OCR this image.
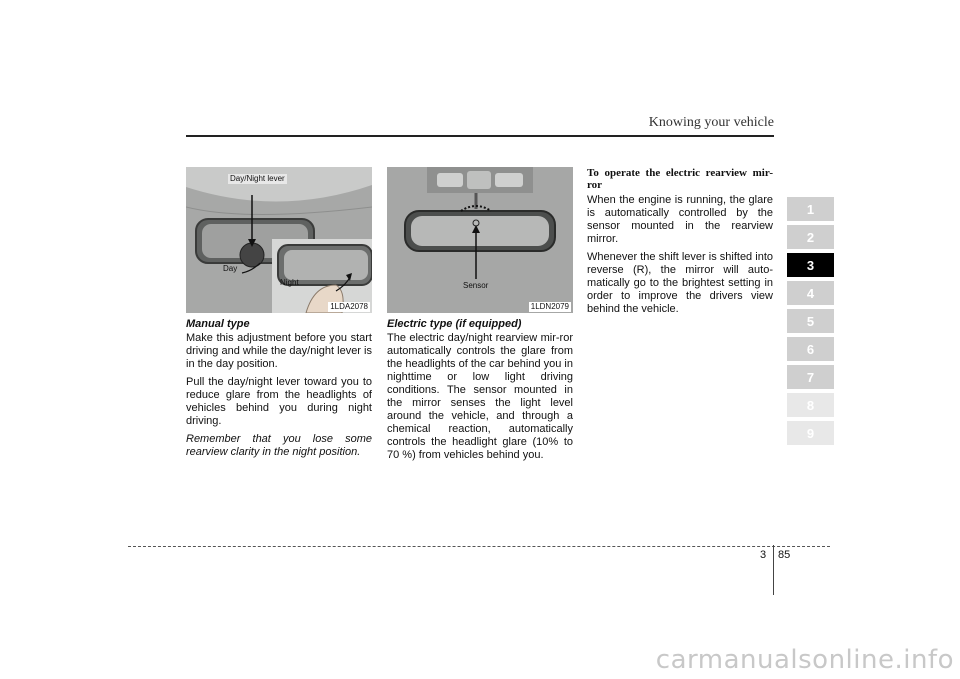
Knowing your vehicle
Day/Night lever
Day
Night
1LDA2078
Manual type

Make this adjustment before you start driving and while the day/night lever is in the day position.

Pull the day/night lever toward you to reduce glare from the headlights of vehicles behind you during night driving.

Remember that you lose some rearview clarity in the night position.

Sensor
1LDN2079
Electric type (if equipped)

The electric day/night rearview mir-ror automatically controls the glare from the headlights of the car behind you in nighttime or low light driving conditions. The sensor mounted in the mirror senses the light level around the vehicle, and through a chemical reaction, automatically controls the headlight glare (10% to 70 %) from vehicles behind you.

To operate the electric rearview mir-ror

When the engine is running, the glare is automatically controlled by the sensor mounted in the rearview mirror.

Whenever the shift lever is shifted into reverse (R), the mirror will auto-matically go to the brightest setting in order to improve the drivers view behind the vehicle.

1
2
3
4
5
6
7
8
9
3 85
carmanualsonline.info
